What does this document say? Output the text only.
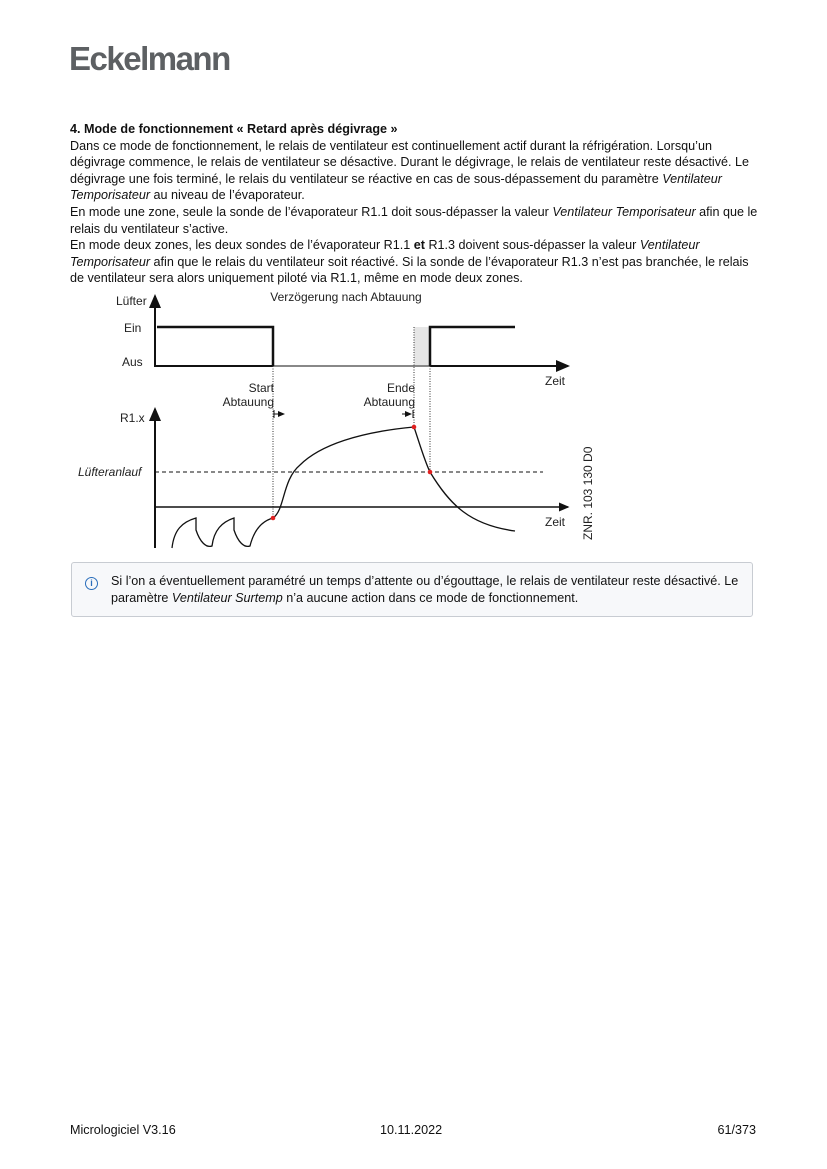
Eckelmann
4. Mode de fonctionnement « Retard après dégivrage »

Dans ce mode de fonctionnement, le relais de ventilateur est continuellement actif durant la réfrigération. Lorsqu’un dégivrage commence, le relais de ventilateur se désactive. Durant le dégivrage, le relais de ventilateur reste désactivé. Le dégivrage une fois terminé, le relais du ventilateur se réactive en cas de sous-dépassement du paramètre Ventilateur Temporisateur au niveau de l’évaporateur.

En mode une zone, seule la sonde de l’évaporateur R1.1 doit sous-dépasser la valeur Ventilateur Temporisateur afin que le relais du ventilateur s’active.

En mode deux zones, les deux sondes de l’évaporateur R1.1 et R1.3 doivent sous-dépasser la valeur Ventilateur Temporisateur afin que le relais du ventilateur soit réactivé. Si la sonde de l’évaporateur R1.3 n’est pas branchée, le relais de ventilateur sera alors uniquement piloté via R1.1, même en mode deux zones.

Verzögerung nach Abtauung
Lüfter
Ein
Aus
Zeit
Start
Abtauung
Ende
Abtauung
R1.x
Lüfteranlauf
Zeit ZNR. 103 130 D0
i	Si l’on a éventuellement paramétré un temps d’attente ou d’égouttage, le relais de ventilateur reste désactivé. Le paramètre Ventilateur Surtemp n’a aucune action dans ce mode de fonctionnement.
Micrologiciel V3.16	10.11.2022	61/373
